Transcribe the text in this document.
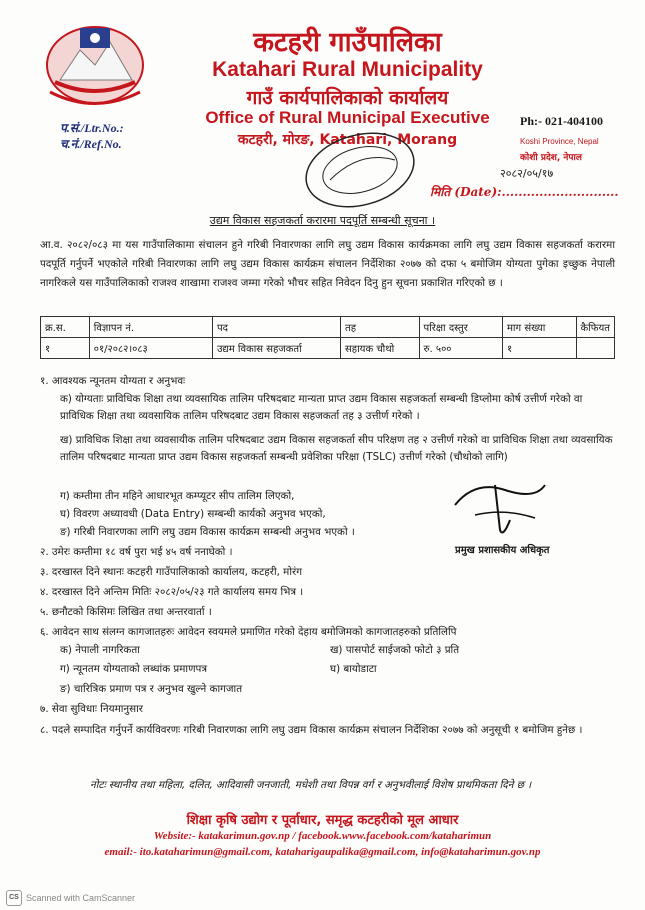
कटहरी गाउँपालिका
Katahari Rural Municipality
गाउँ कार्यपालिकाको कार्यालय
Office of Rural Municipal Executive
कटहरी, मोरङ, Katahari, Morang
प.सं./Ltr.No.:
च.नं./Ref.No.
Ph:- 021-404100
Koshi Province, Nepal
कोशी प्रदेश, नेपाल
२०८२/०५/१७
मिति (Date):............................
उद्यम विकास सहजकर्ता करारमा पदपूर्ति सम्बन्धी सूचना ।
आ.व. २०८२/०८३ मा यस गाउँपालिकामा संचालन हुने गरिबी निवारणका लागि लघु उद्यम विकास कार्यक्रमका लागि लघु उद्यम विकास सहजकर्ता करारमा पदपूर्ति गर्नुपर्ने भएकोले गरिबी निवारणका लागि लघु उद्यम विकास कार्यक्रम संचालन निर्देशिका २०७७ को दफा ५ बमोजिम योग्यता पुगेका इच्छुक नेपाली नागरिकले यस गाउँपालिकाको राजश्व शाखामा राजश्व जम्मा गरेको भौचर सहित निवेदन दिनु हुन सूचना प्रकाशित गरिएको छ ।
क्र.स.	विज्ञापन नं.	पद	तह	परिक्षा दस्तुर	माग संख्या	कैफियत
१	०१/२०८२।०८३	उद्यम विकास सहजकर्ता	सहायक चौथो	रु. ५००	१	
१. आवश्यक न्यूनतम योग्यता र अनुभवः
क) योग्यताः प्राविधिक शिक्षा तथा व्यवसायिक तालिम परिषदबाट मान्यता प्राप्त उद्यम विकास सहजकर्ता सम्बन्धी डिप्लोमा कोर्ष उत्तीर्ण गरेको वा प्राविधिक शिक्षा तथा व्यवसायिक तालिम परिषदबाट उद्यम विकास सहजकर्ता तह ३ उत्तीर्ण गरेको ।
ख) प्राविधिक शिक्षा तथा व्यवसायीक तालिम परिषदबाट उद्यम विकास सहजकर्ता सीप परिक्षण तह २ उत्तीर्ण गरेको वा प्राविधिक शिक्षा तथा व्यवसायिक तालिम परिषदबाट मान्यता प्राप्त उद्यम विकास सहजकर्ता सम्बन्धी प्रवेशिका परिक्षा (TSLC) उत्तीर्ण गरेको (चौथोको लागि)
ग) कम्तीमा तीन महिने आधारभूत कम्प्यूटर सीप तालिम लिएको,
घ) विवरण अध्यावधी (Data Entry) सम्बन्धी कार्यको अनुभव भएको,
ङ) गरिबी निवारणका लागि लघु उद्यम विकास कार्यक्रम सम्बन्धी अनुभव भएको ।
प्रमुख प्रशासकीय अधिकृत
२. उमेरः कम्तीमा १८ वर्ष पुरा भई ४५ वर्ष ननाघेको ।
३. दरखास्त दिने स्थानः कटहरी गाउँपालिकाको कार्यालय, कटहरी, मोरंग
४. दरखास्त दिने अन्तिम मितिः २०८२/०५/२३ गते कार्यालय समय भित्र ।
५. छनौटको किसिमः लिखित तथा अन्तरवार्ता ।
६. आवेदन साथ संलग्न कागजातहरुः आवेदन स्वयमले प्रमाणित गरेको देहाय बमोजिमको कागजातहरुको प्रतिलिपि
क) नेपाली नागरिकता	ख) पासपोर्ट साईजको फोटो ३ प्रति
ग) न्यूनतम योग्यताको लब्धांक प्रमाणपत्र	घ) बायोडाटा
ङ) चारित्रिक प्रमाण पत्र र अनुभव खुल्ने कागजात
७. सेवा सुविधाः नियमानुसार
८. पदले सम्पादित गर्नुपर्ने कार्यविवरणः गरिबी निवारणका लागि लघु उद्यम विकास कार्यक्रम संचालन निर्देशिका २०७७ को अनुसूची १ बमोजिम हुनेछ ।
नोटः स्थानीय तथा महिला, दलित, आदिवासी जनजाती, मधेशी तथा विपन्न वर्ग र अनुभवीलाई विशेष प्राथमिकता दिने छ ।
शिक्षा कृषि उद्योग र पूर्वाधार, समृद्ध कटहरीको मूल आधार
Website:- katakarimun.gov.np / facebook.www.facebook.com/kataharimun
email:- ito.kataharimun@gmail.com, kataharigaupalika@gmail.com, info@kataharimun.gov.np
CS Scanned with CamScanner
